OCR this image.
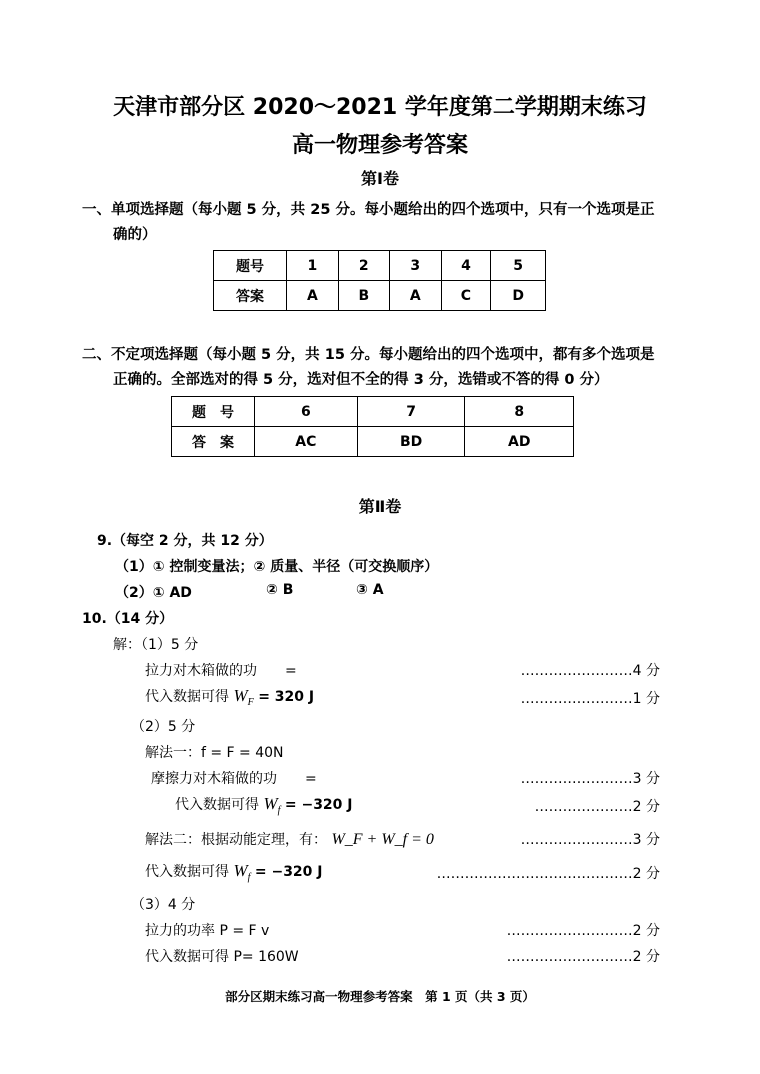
天津市部分区 2020～2021 学年度第二学期期末练习
高一物理参考答案
第Ⅰ卷
一、单项选择题（每小题 5 分，共 25 分。每小题给出的四个选项中，只有一个选项是正
确的）
题号	1	2	3	4	5
答案	A	B	A	C	D
二、不定项选择题（每小题 5 分，共 15 分。每小题给出的四个选项中，都有多个选项是
正确的。全部选对的得 5 分，选对但不全的得 3 分，选错或不答的得 0 分）
题　号	6	7	8
答　案	AC	BD	AD
第Ⅱ卷
9.（每空 2 分，共 12 分）
（1）① 控制变量法；② 质量、半径（可交换顺序）
（2）① AD	② B	③ A
10.（14 分）
解：（1）5 分
拉力对木箱做的功　　=	……………………4 分
代入数据可得 $W_F = 320$ J	……………………1 分
（2）5 分
解法一：f = F = 40N
摩擦力对木箱做的功　　=	……………………3 分
代入数据可得 $W_f = -320$ J	…………………2 分
解法二：根据动能定理，有： W_F + W_f = 0	……………………3 分
代入数据可得 $W_f = -320$ J	……………………………………2 分
（3）4 分
拉力的功率 P = F v	………………………2 分
代入数据可得 P= 160W	………………………2 分
部分区期末练习高一物理参考答案　第 1 页（共 3 页）
